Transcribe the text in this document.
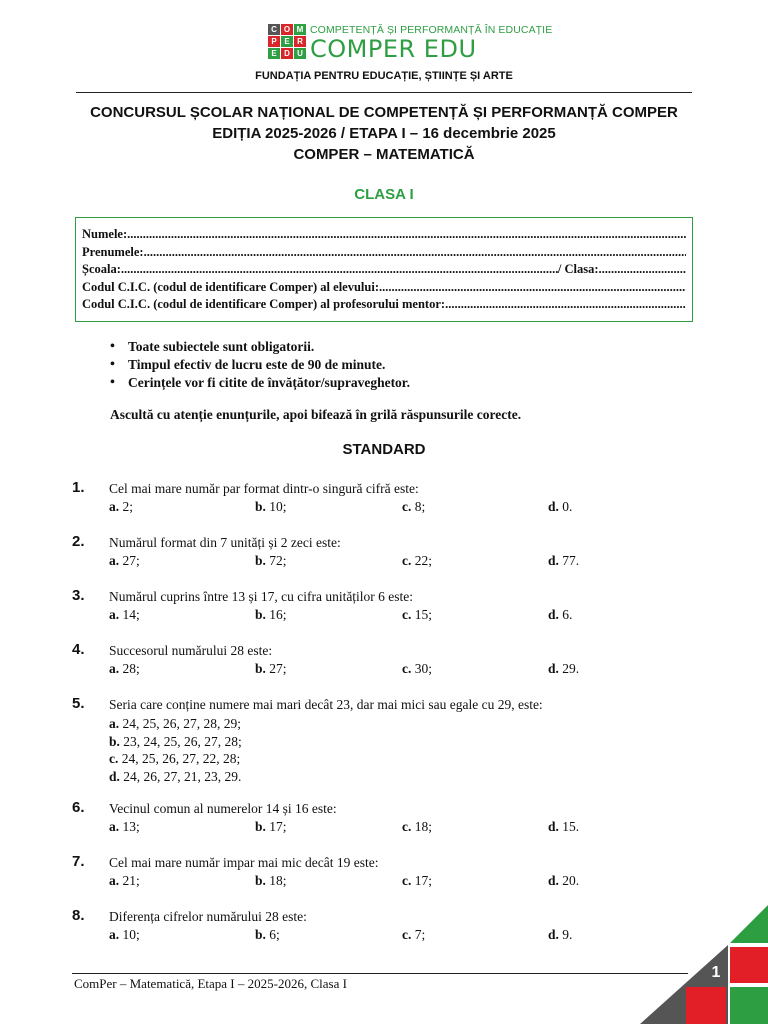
C O M
P E R
E D U
COMPETENȚĂ ȘI PERFORMANȚĂ ÎN EDUCAȚIE
COMPER EDU
FUNDAȚIA PENTRU EDUCAȚIE, ȘTIINȚE ȘI ARTE
CONCURSUL ȘCOLAR NAȚIONAL DE COMPETENȚĂ ȘI PERFORMANȚĂ COMPER
EDIȚIA 2025-2026 / ETAPA I – 16 decembrie 2025
COMPER – MATEMATICĂ
CLASA I
Numele:
.....
Prenumele:
.....
Școala:
.....	/ Clasa: ............................
Codul C.I.C. (codul de identificare Comper) al elevului:
.....
Codul C.I.C. (codul de identificare Comper) al profesorului mentor:
.....
• Toate subiectele sunt obligatorii.
• Timpul efectiv de lucru este de 90 de minute.
• Cerințele vor fi citite de învățător/supraveghetor.
Ascultă cu atenție enunțurile, apoi bifează în grilă răspunsurile corecte.
STANDARD
1. Cel mai mare număr par format dintr-o singură cifră este:
a. 2;	b. 10;	c. 8;	d. 0.
2. Numărul format din 7 unități și 2 zeci este:
a. 27;	b. 72;	c. 22;	d. 77.
3. Numărul cuprins între 13 și 17, cu cifra unităților 6 este:
a. 14;	b. 16;	c. 15;	d. 6.
4. Succesorul numărului 28 este:
a. 28;	b. 27;	c. 30;	d. 29.
5. Seria care conține numere mai mari decât 23, dar mai mici sau egale cu 29, este:
a. 24, 25, 26, 27, 28, 29;
b. 23, 24, 25, 26, 27, 28;
c. 24, 25, 26, 27, 22, 28;
d. 24, 26, 27, 21, 23, 29.
6. Vecinul comun al numerelor 14 și 16 este:
a. 13;	b. 17;	c. 18;	d. 15.
7. Cel mai mare număr impar mai mic decât 19 este:
a. 21;	b. 18;	c. 17;	d. 20.
8. Diferența cifrelor numărului 28 este:
a. 10;	b. 6;	c. 7;	d. 9.
ComPer – Matematică, Etapa I – 2025-2026, Clasa I
1
